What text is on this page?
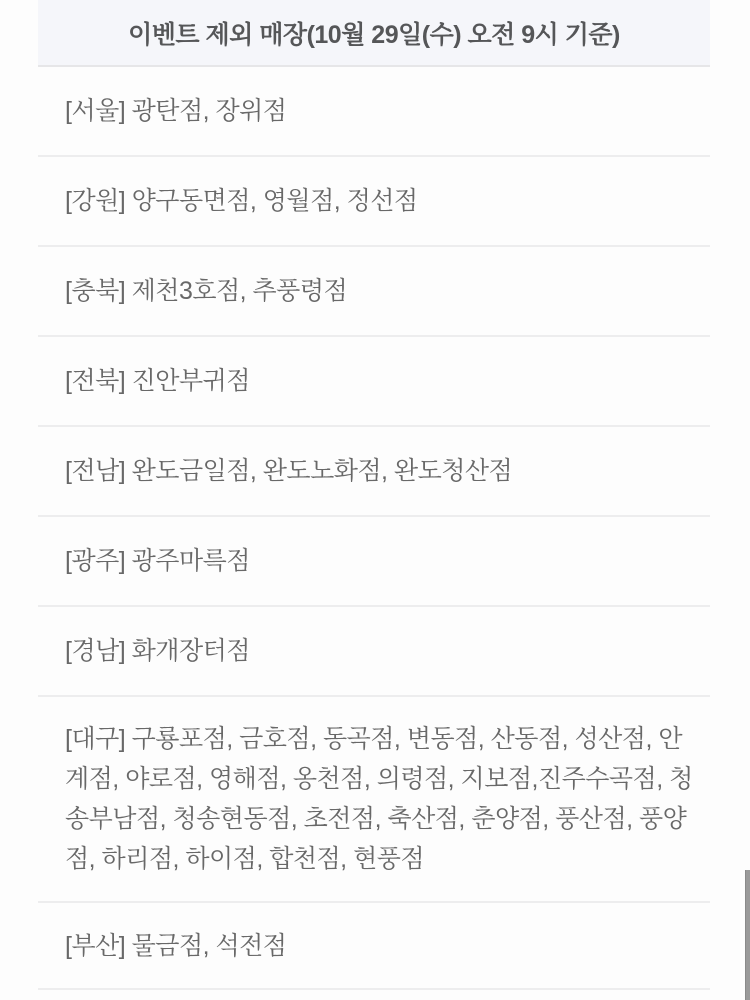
이벤트 제외 매장(10월 29일(수) 오전 9시 기준)
[서울] 광탄점, 장위점
[강원] 양구동면점, 영월점, 정선점
[충북] 제천3호점, 추풍령점
[전북] 진안부귀점
[전남] 완도금일점, 완도노화점, 완도청산점
[광주] 광주마륵점
[경남] 화개장터점
[대구] 구룡포점, 금호점, 동곡점, 변동점, 산동점, 성산점, 안계점, 야로점, 영해점, 옹천점, 의령점, 지보점,진주수곡점, 청송부남점, 청송현동점, 초전점, 축산점, 춘양점, 풍산점, 풍양점, 하리점, 하이점, 합천점, 현풍점
[부산] 물금점, 석전점
